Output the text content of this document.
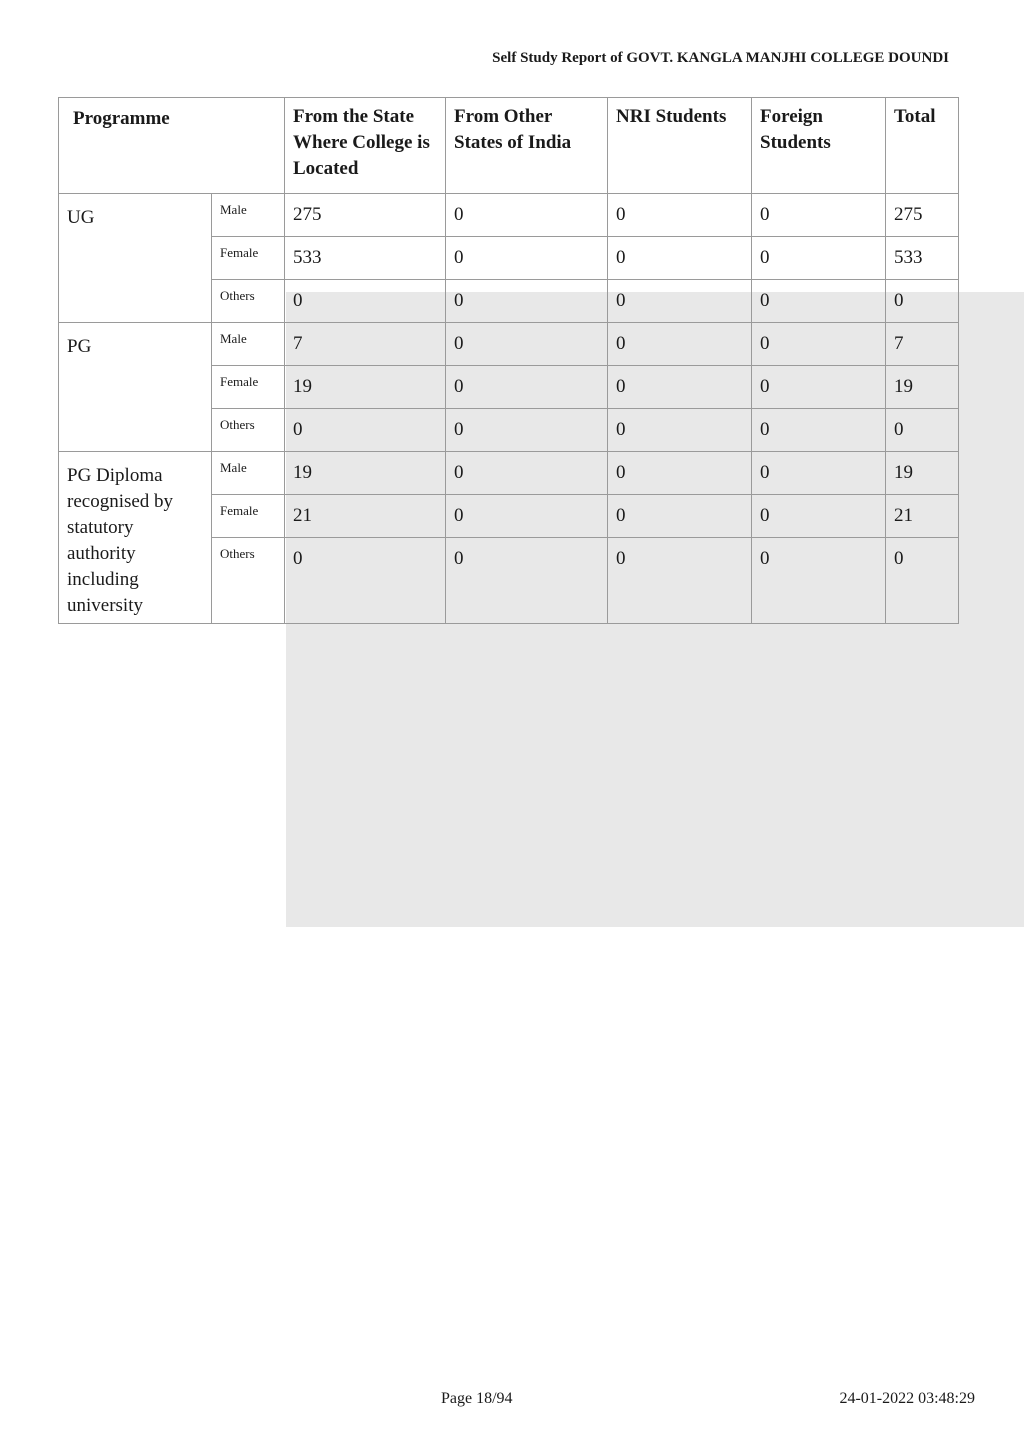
Self Study Report of GOVT. KANGLA MANJHI COLLEGE DOUNDI
Programme		From the State Where College is Located	From Other States of India	NRI Students	Foreign Students	Total
UG	Male	275	0	0	0	275
	Female	533	0	0	0	533
	Others	0	0	0	0	0
PG	Male	7	0	0	0	7
	Female	19	0	0	0	19
	Others	0	0	0	0	0
PG Diploma recognised by statutory authority including university	Male	19	0	0	0	19
	Female	21	0	0	0	21
	Others	0	0	0	0	0
Page 18/94	24-01-2022 03:48:29
